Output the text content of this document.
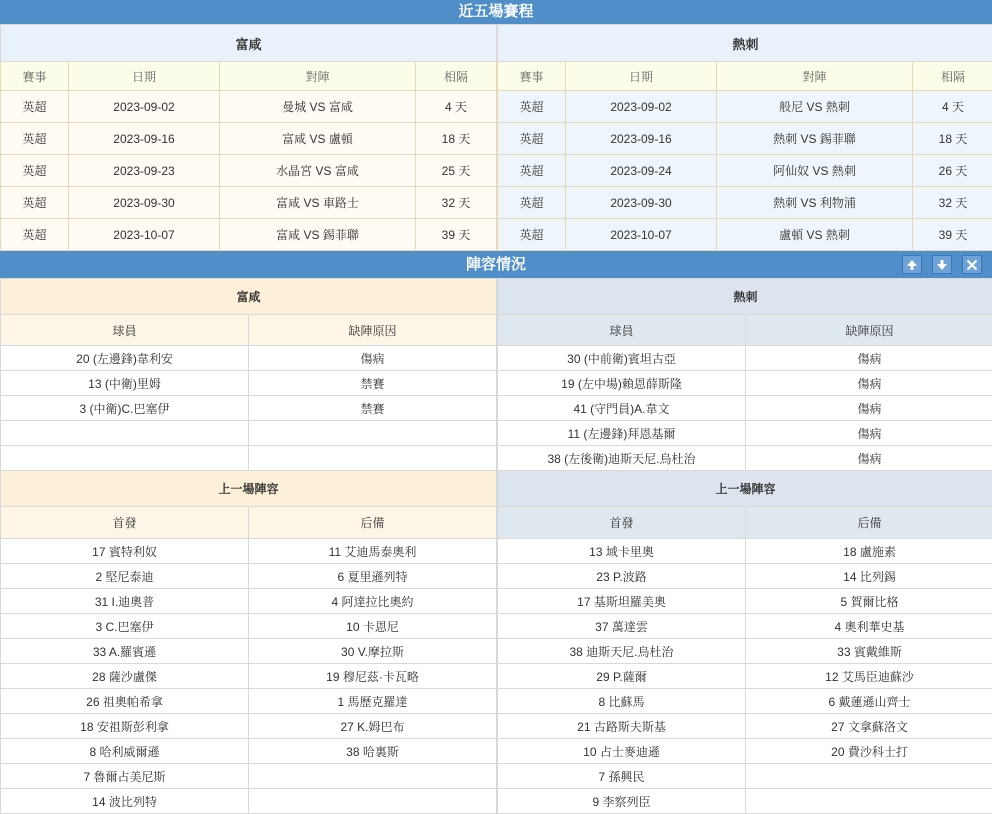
近五場賽程
富咸			
賽事	日期	對陣	相隔
英超	2023-09-02	曼城 VS 富咸	4 天
英超	2023-09-16	富咸 VS 盧頓	18 天
英超	2023-09-23	水晶宮 VS 富咸	25 天
英超	2023-09-30	富咸 VS 車路士	32 天
英超	2023-10-07	富咸 VS 錫菲聯	39 天
熱刺			
賽事	日期	對陣	相隔
英超	2023-09-02	般尼 VS 熱刺	4 天
英超	2023-09-16	熱刺 VS 錫菲聯	18 天
英超	2023-09-24	阿仙奴 VS 熱刺	26 天
英超	2023-09-30	熱刺 VS 利物浦	32 天
英超	2023-10-07	盧頓 VS 熱刺	39 天
陣容情況
富咸	
球員	缺陣原因
20 (左邊鋒)韋利安	傷病
13 (中衛)里姆	禁賽
3 (中衛)C.巴塞伊	禁賽

上一場陣容	
首發	后備
17 賓特利奴	11 艾迪馬泰奧利
2 堅尼泰迪	6 夏里遜列特
31 I.迪奧普	4 阿達拉比奧約
3 C.巴塞伊	10 卡恩尼
33 A.羅賓遜	30 V.摩拉斯
28 薩沙盧傑	19 穆尼茲·卡瓦略
26 祖奧帕希拿	1 馬歷克羅達
18 安祖斯彭利拿	27 K.姆巴布
8 哈利威爾遜	38 哈裏斯
7 魯爾占美尼斯	
14 波比列特	
熱刺	
球員	缺陣原因
30 (中前衛)賓坦古亞	傷病
19 (左中場)賴恩薛斯隆	傷病
41 (守門員)A.韋文	傷病
11 (左邊鋒)拜恩基爾	傷病
38 (左後衛)迪斯天尼.烏杜治	傷病
上一場陣容	
首發	后備
13 域卡里奧	18 盧施素
23 P.波路	14 比列錫
17 基斯坦羅美奧	5 賀爾比格
37 萬達雲	4 奧利華史基
38 迪斯天尼.烏杜治	33 賓戴維斯
29 P.薩爾	12 艾馬臣迪蘇沙
8 比蘇馬	6 戴蓮遜山齊士
21 古路斯夫斯基	27 文拿蘇洛文
10 占士麥迪遜	20 費沙科士打
7 孫興民	
9 李察列臣	
